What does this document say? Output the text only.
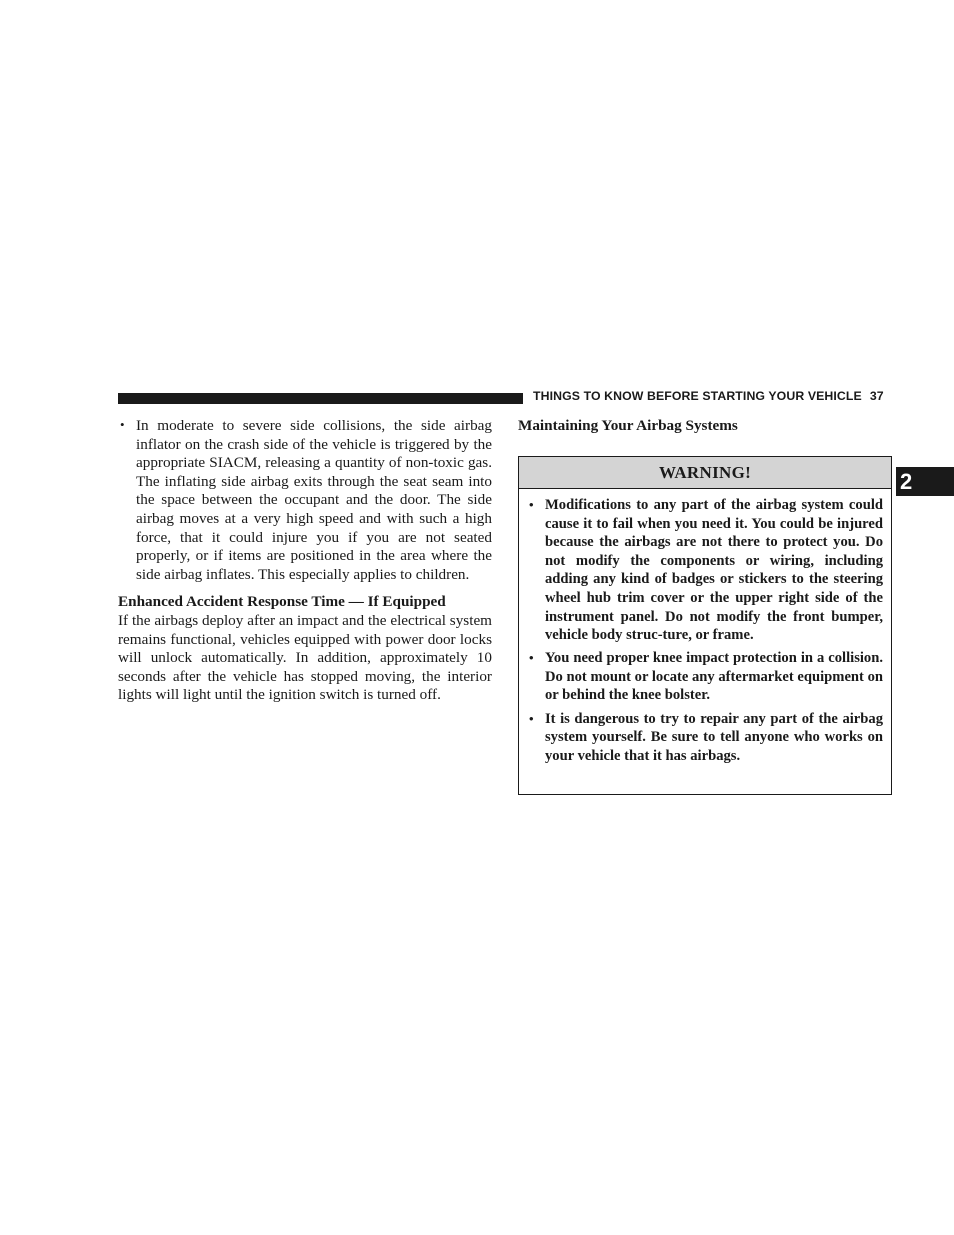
THINGS TO KNOW BEFORE STARTING YOUR VEHICLE 37
2
• In moderate to severe side collisions, the side airbag inflator on the crash side of the vehicle is triggered by the appropriate SIACM, releasing a quantity of non-toxic gas. The inflating side airbag exits through the seat seam into the space between the occupant and the door. The side airbag moves at a very high speed and with such a high force, that it could injure you if you are not seated properly, or if items are positioned in the area where the side airbag inflates. This especially applies to children.

Enhanced Accident Response Time — If Equipped

If the airbags deploy after an impact and the electrical system remains functional, vehicles equipped with power door locks will unlock automatically. In addition, approximately 10 seconds after the vehicle has stopped moving, the interior lights will light until the ignition switch is turned off.

Maintaining Your Airbag Systems

WARNING!
• Modifications to any part of the airbag system could cause it to fail when you need it. You could be injured because the airbags are not there to protect you. Do not modify the components or wiring, including adding any kind of badges or stickers to the steering wheel hub trim cover or the upper right side of the instrument panel. Do not modify the front bumper, vehicle body struc-ture, or frame.
• You need proper knee impact protection in a collision. Do not mount or locate any aftermarket equipment on or behind the knee bolster.
• It is dangerous to try to repair any part of the airbag system yourself. Be sure to tell anyone who works on your vehicle that it has airbags.
